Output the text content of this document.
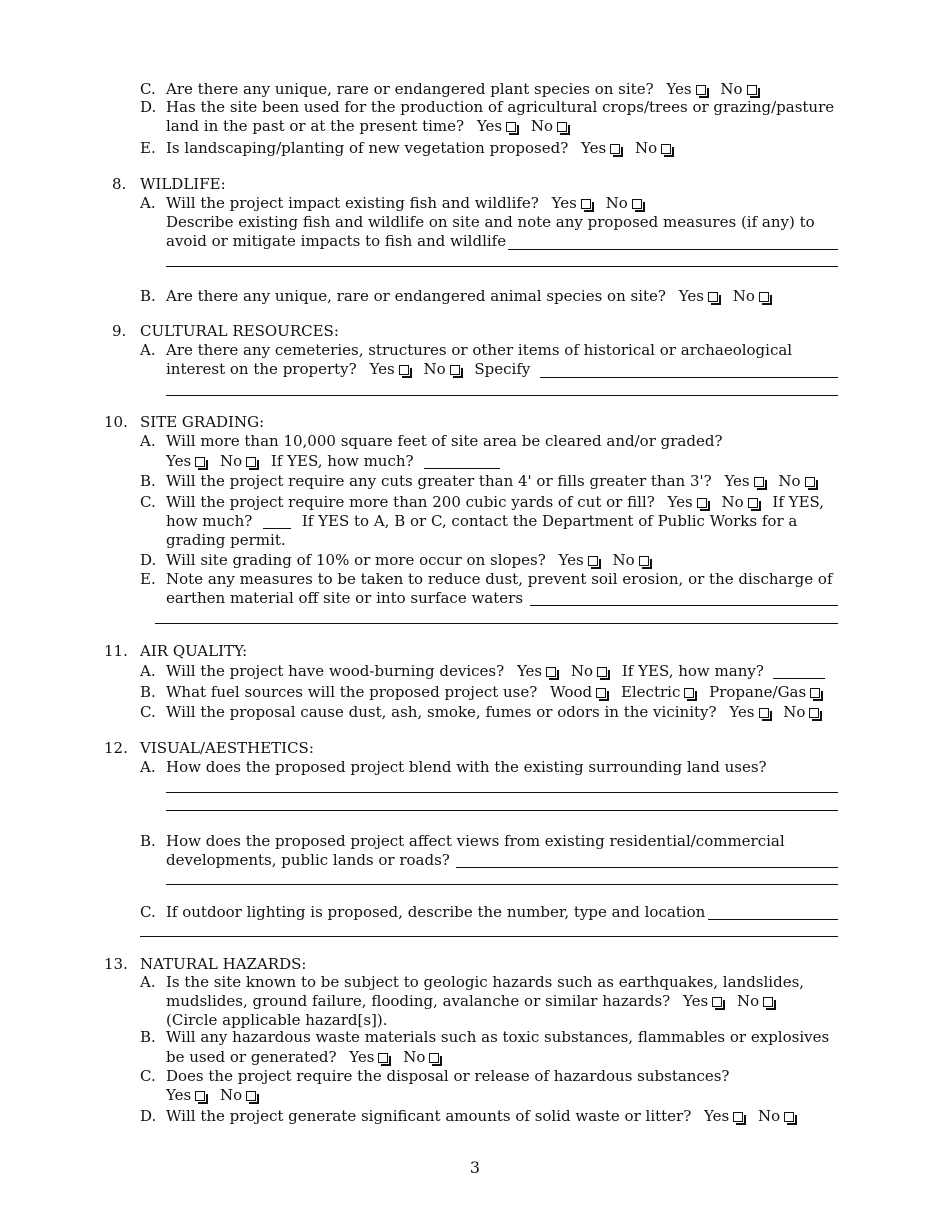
C. Are there any unique, rare or endangered plant species on site? Yes No
D. Has the site been used for the production of agricultural crops/trees or grazing/pasture
land in the past or at the present time? Yes No
E. Is landscaping/planting of new vegetation proposed? Yes No
8. WILDLIFE:
A. Will the project impact existing fish and wildlife? Yes No
Describe existing fish and wildlife on site and note any proposed measures (if any) to
avoid or mitigate impacts to fish and wildlife
B. Are there any unique, rare or endangered animal species on site? Yes No
9. CULTURAL RESOURCES:
A. Are there any cemeteries, structures or other items of historical or archaeological
interest on the property? Yes No Specify
10. SITE GRADING:
A. Will more than 10,000 square feet of site area be cleared and/or graded?
Yes No If YES, how much?
B. Will the project require any cuts greater than 4' or fills greater than 3'? Yes No
C. Will the project require more than 200 cubic yards of cut or fill? Yes No If YES,
how much?	If YES to A, B or C, contact the Department of Public Works for a
grading permit.
D. Will site grading of 10% or more occur on slopes? Yes No
E. Note any measures to be taken to reduce dust, prevent soil erosion, or the discharge of
earthen material off site or into surface waters
11. AIR QUALITY:
A. Will the project have wood-burning devices? Yes No If YES, how many?
B. What fuel sources will the proposed project use? Wood Electric Propane/Gas
C. Will the proposal cause dust, ash, smoke, fumes or odors in the vicinity? Yes No
12. VISUAL/AESTHETICS:
A. How does the proposed project blend with the existing surrounding land uses?
B. How does the proposed project affect views from existing residential/commercial
developments, public lands or roads?
C. If outdoor lighting is proposed, describe the number, type and location
13. NATURAL HAZARDS:
A. Is the site known to be subject to geologic hazards such as earthquakes, landslides,
mudslides, ground failure, flooding, avalanche or similar hazards? Yes No
(Circle applicable hazard[s]).
B. Will any hazardous waste materials such as toxic substances, flammables or explosives
be used or generated? Yes No
C. Does the project require the disposal or release of hazardous substances?
Yes No
D. Will the project generate significant amounts of solid waste or litter? Yes No
3
